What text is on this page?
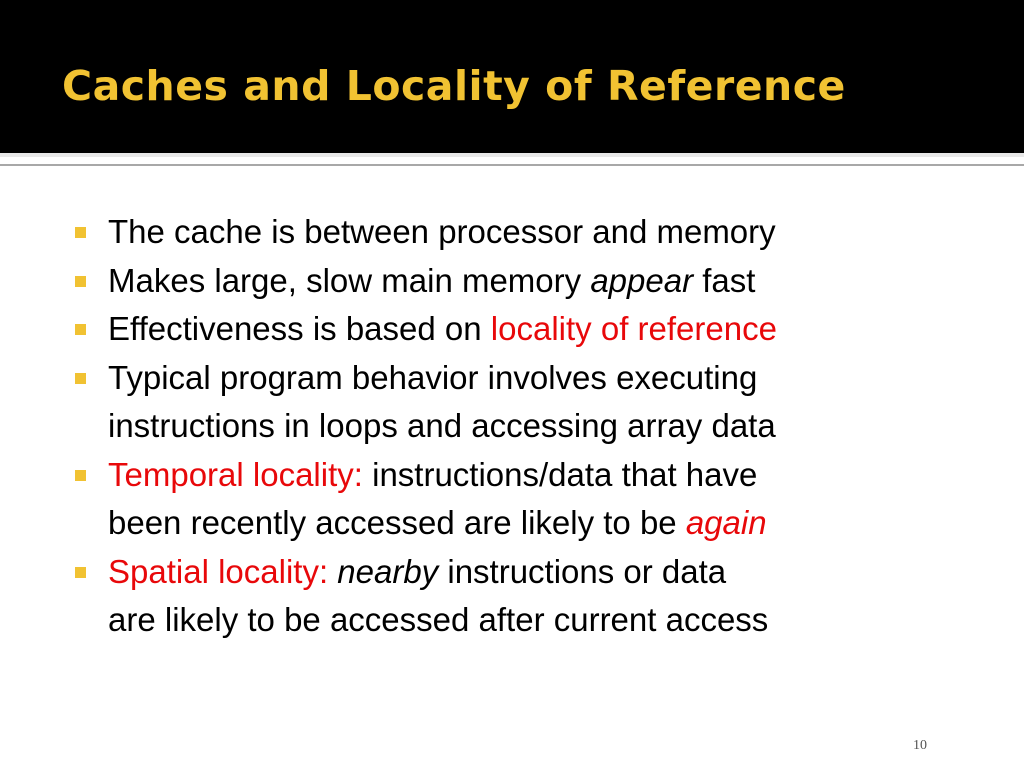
Caches and Locality of Reference
The cache is between processor and memory
Makes large, slow main memory appear fast
Effectiveness is based on locality of reference
Typical program behavior involves executing
instructions in loops and accessing array data
Temporal locality: instructions/data that have
been recently accessed are likely to be again
Spatial locality: nearby instructions or data
are likely to be accessed after current access
10
